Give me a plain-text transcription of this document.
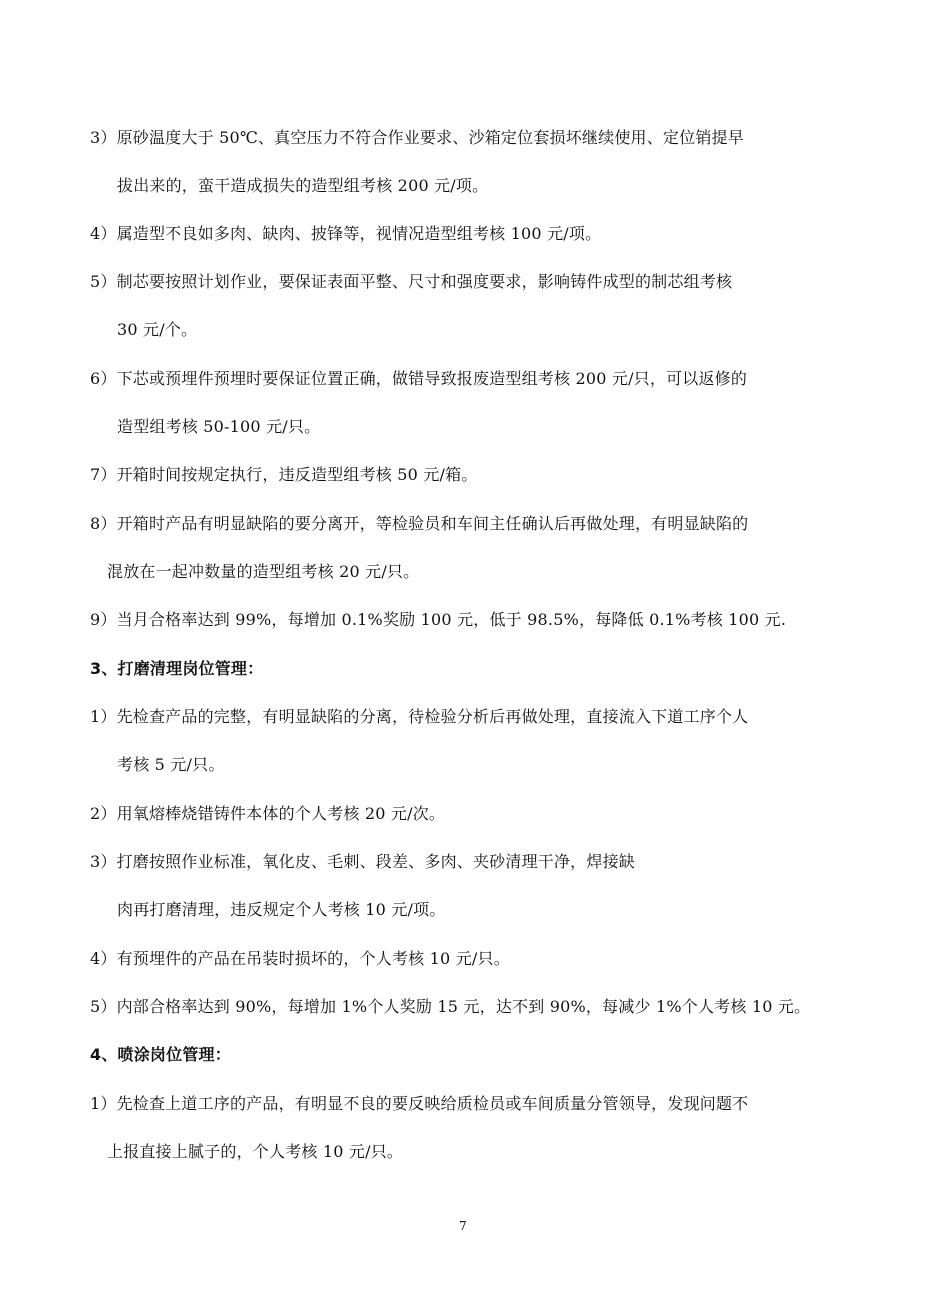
3）原砂温度大于 50℃、真空压力不符合作业要求、沙箱定位套损坏继续使用、定位销提早
拔出来的，蛮干造成损失的造型组考核 200 元/项。
4）属造型不良如多肉、缺肉、披锋等，视情况造型组考核 100 元/项。
5）制芯要按照计划作业，要保证表面平整、尺寸和强度要求，影响铸件成型的制芯组考核
30 元/个。
6）下芯或预埋件预埋时要保证位置正确，做错导致报废造型组考核 200 元/只，可以返修的
造型组考核 50-100 元/只。
7）开箱时间按规定执行，违反造型组考核 50 元/箱。
8）开箱时产品有明显缺陷的要分离开，等检验员和车间主任确认后再做处理，有明显缺陷的
混放在一起冲数量的造型组考核 20 元/只。
9）当月合格率达到 99%，每增加 0.1%奖励 100 元，低于 98.5%，每降低 0.1%考核 100 元.
3、打磨清理岗位管理：
1）先检查产品的完整，有明显缺陷的分离，待检验分析后再做处理，直接流入下道工序个人
考核 5 元/只。
2）用氧熔棒烧错铸件本体的个人考核 20 元/次。
3）打磨按照作业标准，氧化皮、毛刺、段差、多肉、夹砂清理干净，焊接缺
肉再打磨清理，违反规定个人考核 10 元/项。
4）有预埋件的产品在吊装时损坏的，个人考核 10 元/只。
5）内部合格率达到 90%，每增加 1%个人奖励 15 元，达不到 90%，每减少 1%个人考核 10 元。
4、喷涂岗位管理：
1）先检查上道工序的产品，有明显不良的要反映给质检员或车间质量分管领导，发现问题不
上报直接上腻子的，个人考核 10 元/只。
7
